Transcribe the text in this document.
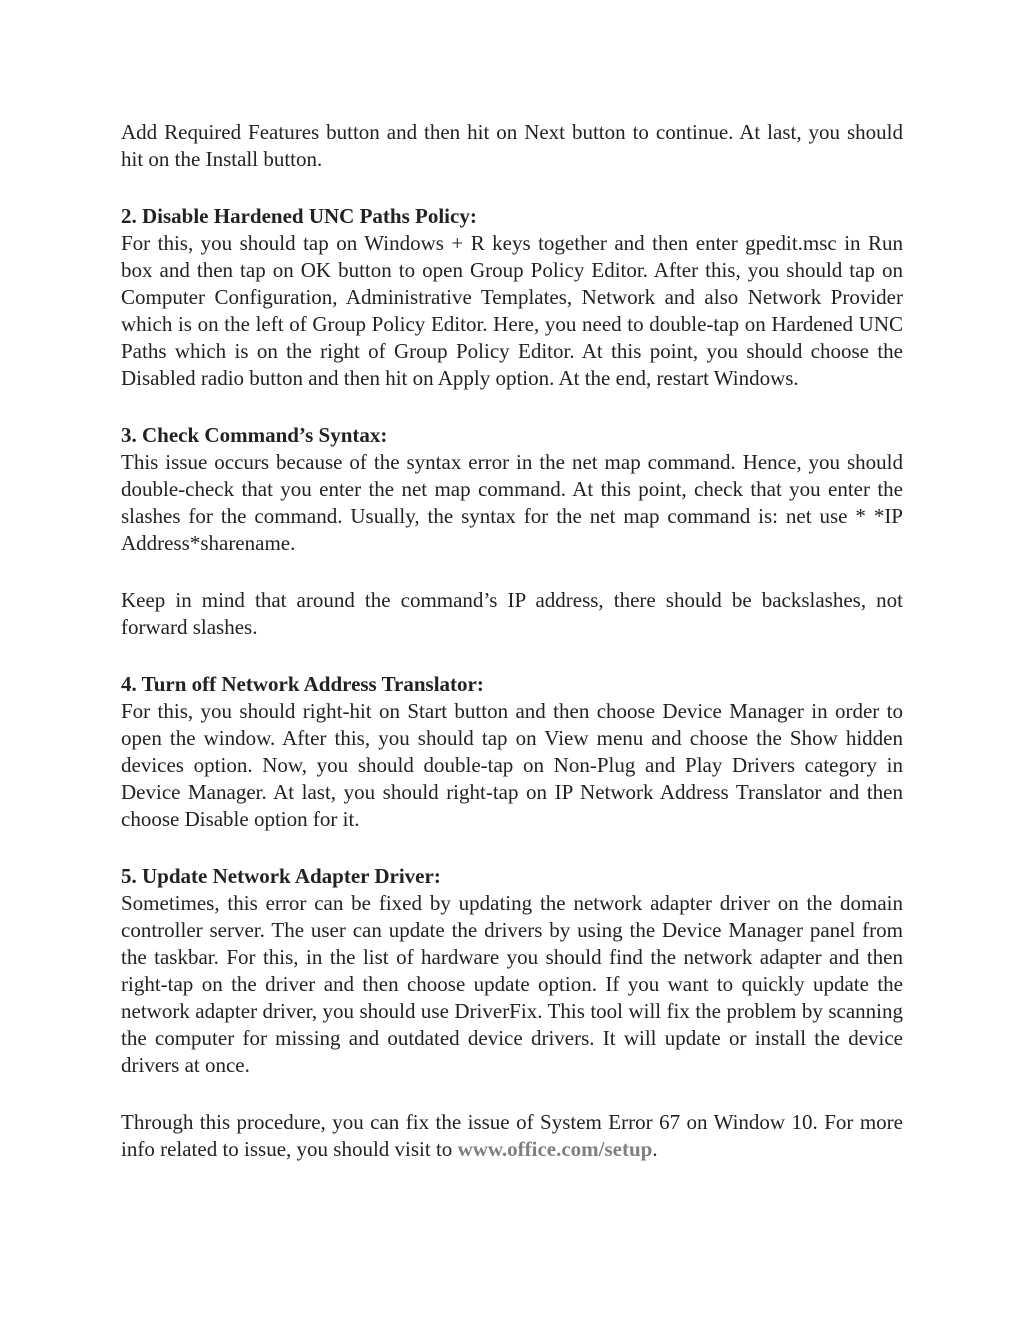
Add Required Features button and then hit on Next button to continue. At last, you should hit on the Install button.

2. Disable Hardened UNC Paths Policy:

For this, you should tap on Windows + R keys together and then enter gpedit.msc in Run box and then tap on OK button to open Group Policy Editor. After this, you should tap on Computer Configuration, Administrative Templates, Network and also Network Provider which is on the left of Group Policy Editor. Here, you need to double-tap on Hardened UNC Paths which is on the right of Group Policy Editor. At this point, you should choose the Disabled radio button and then hit on Apply option. At the end, restart Windows.

3. Check Command’s Syntax:

This issue occurs because of the syntax error in the net map command. Hence, you should double-check that you enter the net map command. At this point, check that you enter the slashes for the command. Usually, the syntax for the net map command is: net use * *IP Address*sharename.

Keep in mind that around the command’s IP address, there should be backslashes, not forward slashes.

4. Turn off Network Address Translator:

For this, you should right-hit on Start button and then choose Device Manager in order to open the window. After this, you should tap on View menu and choose the Show hidden devices option. Now, you should double-tap on Non-Plug and Play Drivers category in Device Manager. At last, you should right-tap on IP Network Address Translator and then choose Disable option for it.

5. Update Network Adapter Driver:

Sometimes, this error can be fixed by updating the network adapter driver on the domain controller server. The user can update the drivers by using the Device Manager panel from the taskbar. For this, in the list of hardware you should find the network adapter and then right-tap on the driver and then choose update option. If you want to quickly update the network adapter driver, you should use DriverFix. This tool will fix the problem by scanning the computer for missing and outdated device drivers. It will update or install the device drivers at once.

Through this procedure, you can fix the issue of System Error 67 on Window 10. For more info related to issue, you should visit to www.office.com/setup.
